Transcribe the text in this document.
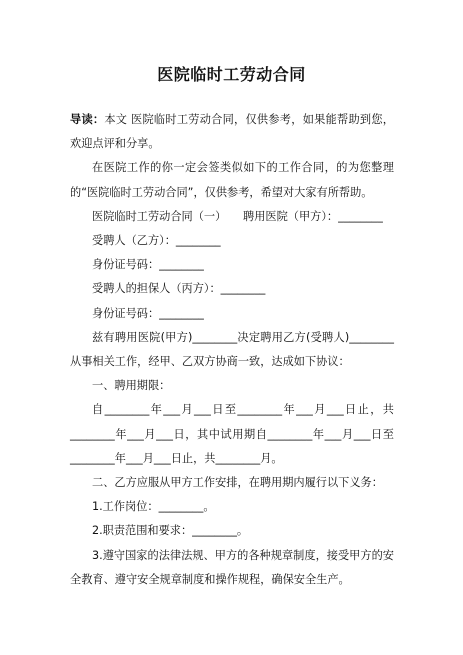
医院临时工劳动合同

导读：本文 医院临时工劳动合同，仅供参考，如果能帮助到您，欢迎点评和分享。

在医院工作的你一定会签类似如下的工作合同，的为您整理的“医院临时工劳动合同”，仅供参考，希望对大家有所帮助。

医院临时工劳动合同（一）　　聘用医院（甲方）：________

受聘人（乙方）：________

身份证号码：________

受聘人的担保人（丙方）：________

身份证号码：________

兹有聘用医院(甲方)________决定聘用乙方(受聘人)________从事相关工作，经甲、乙双方协商一致，达成如下协议：

一、聘用期限：

自________年___月___日至________年___月___日止，共________年___月___日，其中试用期自________年___月___日至________年___月___日止，共________月。

二、乙方应服从甲方工作安排，在聘用期内履行以下义务：

1.工作岗位：________。

2.职责范围和要求：________。

3.遵守国家的法律法规、甲方的各种规章制度，接受甲方的安全教育、遵守安全规章制度和操作规程，确保安全生产。
